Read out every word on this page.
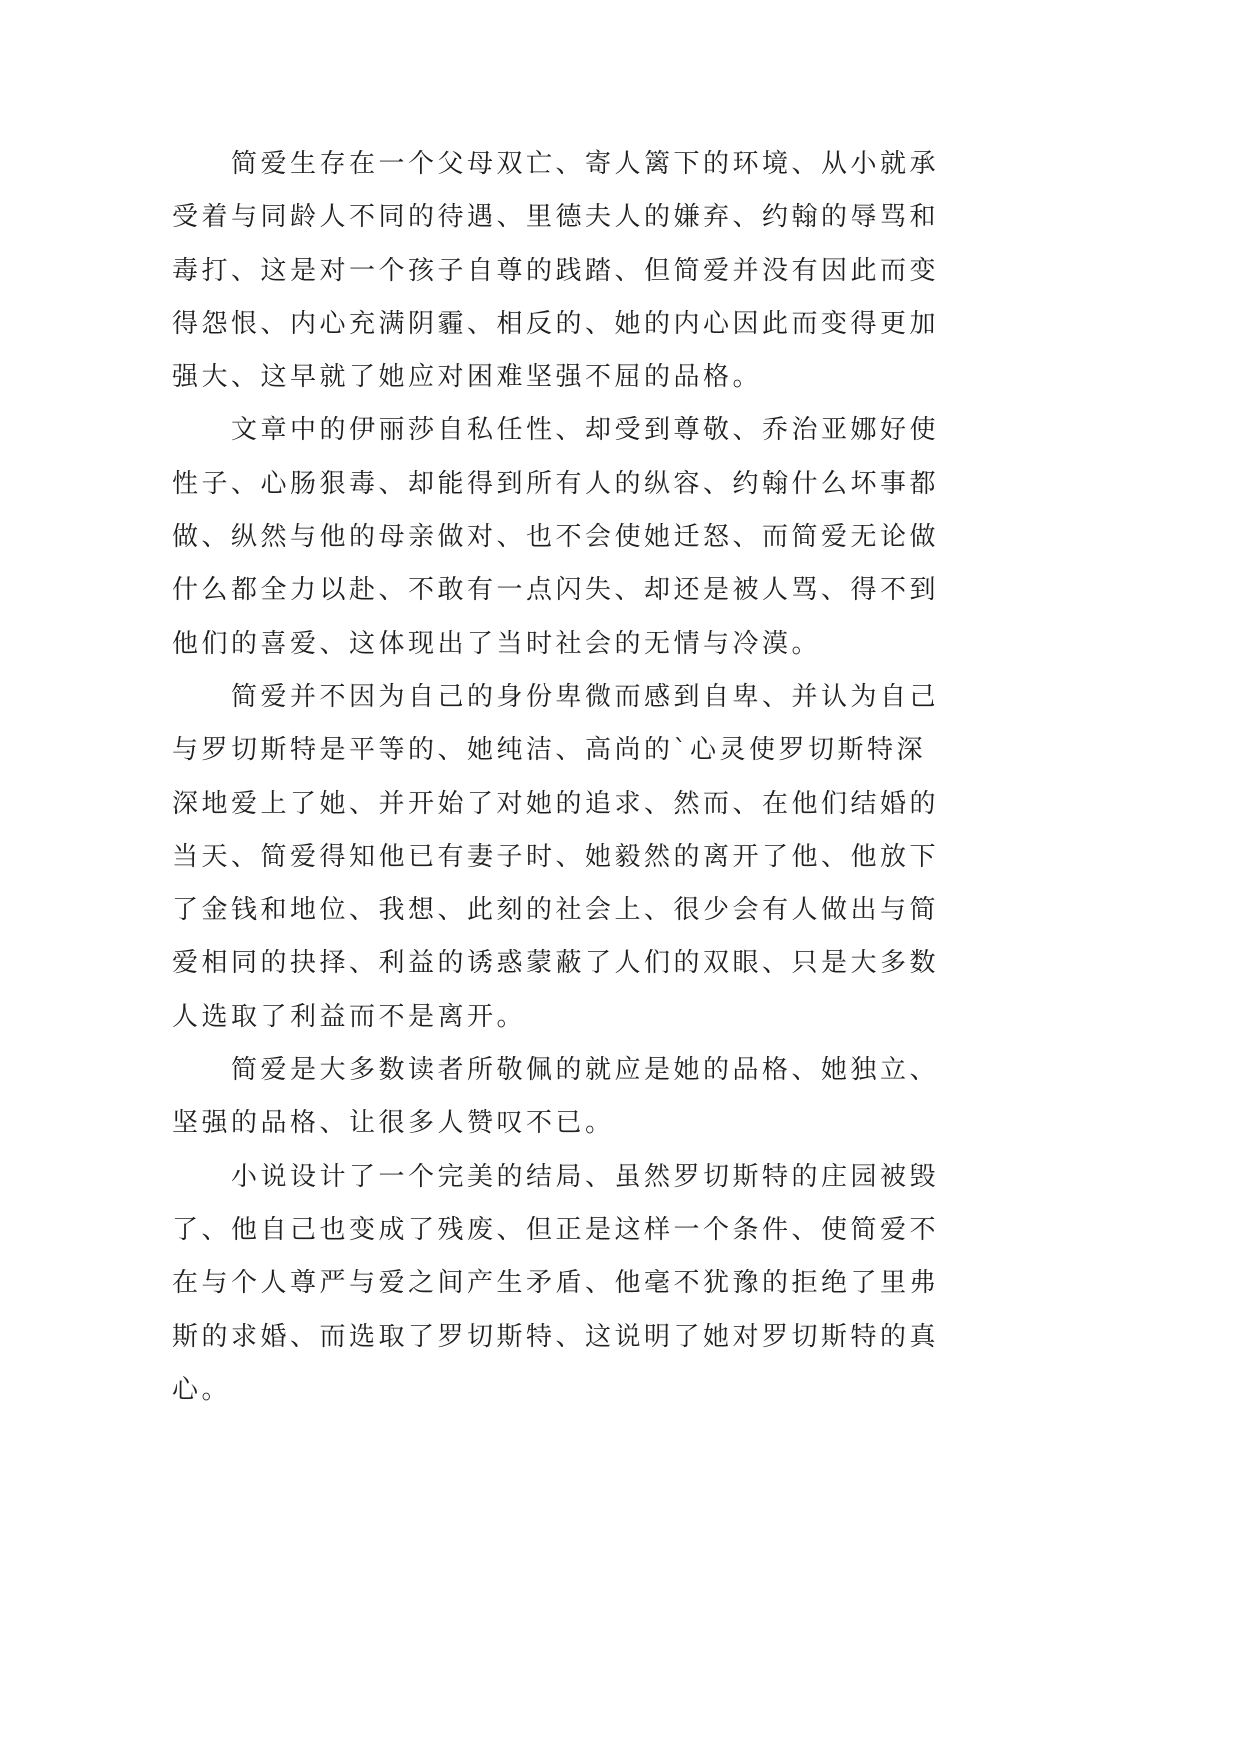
简爱生存在一个父母双亡、寄人篱下的环境、从小就承
受着与同龄人不同的待遇、里德夫人的嫌弃、约翰的辱骂和
毒打、这是对一个孩子自尊的践踏、但简爱并没有因此而变
得怨恨、内心充满阴霾、相反的、她的内心因此而变得更加
强大、这早就了她应对困难坚强不屈的品格。
文章中的伊丽莎自私任性、却受到尊敬、乔治亚娜好使
性子、心肠狠毒、却能得到所有人的纵容、约翰什么坏事都
做、纵然与他的母亲做对、也不会使她迁怒、而简爱无论做
什么都全力以赴、不敢有一点闪失、却还是被人骂、得不到
他们的喜爱、这体现出了当时社会的无情与冷漠。
简爱并不因为自己的身份卑微而感到自卑、并认为自己
与罗切斯特是平等的、她纯洁、高尚的`心灵使罗切斯特深
深地爱上了她、并开始了对她的追求、然而、在他们结婚的
当天、简爱得知他已有妻子时、她毅然的离开了他、他放下
了金钱和地位、我想、此刻的社会上、很少会有人做出与简
爱相同的抉择、利益的诱惑蒙蔽了人们的双眼、只是大多数
人选取了利益而不是离开。
简爱是大多数读者所敬佩的就应是她的品格、她独立、
坚强的品格、让很多人赞叹不已。
小说设计了一个完美的结局、虽然罗切斯特的庄园被毁
了、他自己也变成了残废、但正是这样一个条件、使简爱不
在与个人尊严与爱之间产生矛盾、他毫不犹豫的拒绝了里弗
斯的求婚、而选取了罗切斯特、这说明了她对罗切斯特的真
心。
